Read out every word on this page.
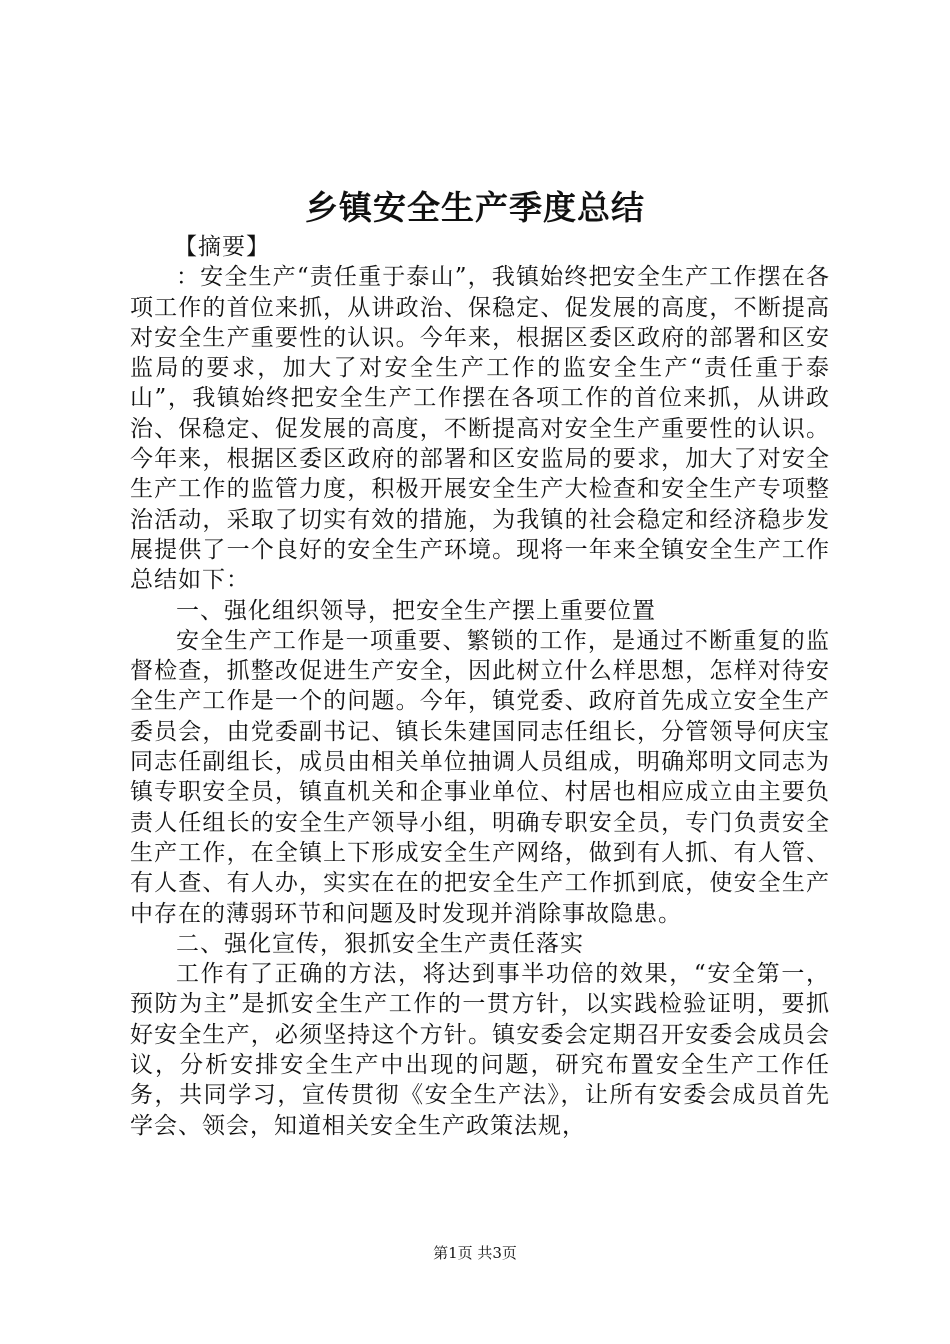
乡镇安全生产季度总结

【摘要】

：安全生产“责任重于泰山”，我镇始终把安全生产工作摆在各项工作的首位来抓，从讲政治、保稳定、促发展的高度，不断提高对安全生产重要性的认识。今年来，根据区委区政府的部署和区安监局的要求，加大了对安全生产工作的监安全生产“责任重于泰山”，我镇始终把安全生产工作摆在各项工作的首位来抓，从讲政治、保稳定、促发展的高度，不断提高对安全生产重要性的认识。今年来，根据区委区政府的部署和区安监局的要求，加大了对安全生产工作的监管力度，积极开展安全生产大检查和安全生产专项整治活动，采取了切实有效的措施，为我镇的社会稳定和经济稳步发展提供了一个良好的安全生产环境。现将一年来全镇安全生产工作总结如下：

一、强化组织领导，把安全生产摆上重要位置

安全生产工作是一项重要、繁锁的工作，是通过不断重复的监督检查，抓整改促进生产安全，因此树立什么样思想，怎样对待安全生产工作是一个的问题。今年，镇党委、政府首先成立安全生产委员会，由党委副书记、镇长朱建国同志任组长，分管领导何庆宝同志任副组长，成员由相关单位抽调人员组成，明确郑明文同志为镇专职安全员，镇直机关和企事业单位、村居也相应成立由主要负责人任组长的安全生产领导小组，明确专职安全员，专门负责安全生产工作，在全镇上下形成安全生产网络，做到有人抓、有人管、有人查、有人办，实实在在的把安全生产工作抓到底，使安全生产中存在的薄弱环节和问题及时发现并消除事故隐患。

二、强化宣传，狠抓安全生产责任落实

工作有了正确的方法，将达到事半功倍的效果，“安全第一，预防为主”是抓安全生产工作的一贯方针，以实践检验证明，要抓好安全生产，必须坚持这个方针。镇安委会定期召开安委会成员会议，分析安排安全生产中出现的问题，研究布置安全生产工作任务，共同学习，宣传贯彻《安全生产法》，让所有安委会成员首先学会、领会，知道相关安全生产政策法规，

第1页 共3页
